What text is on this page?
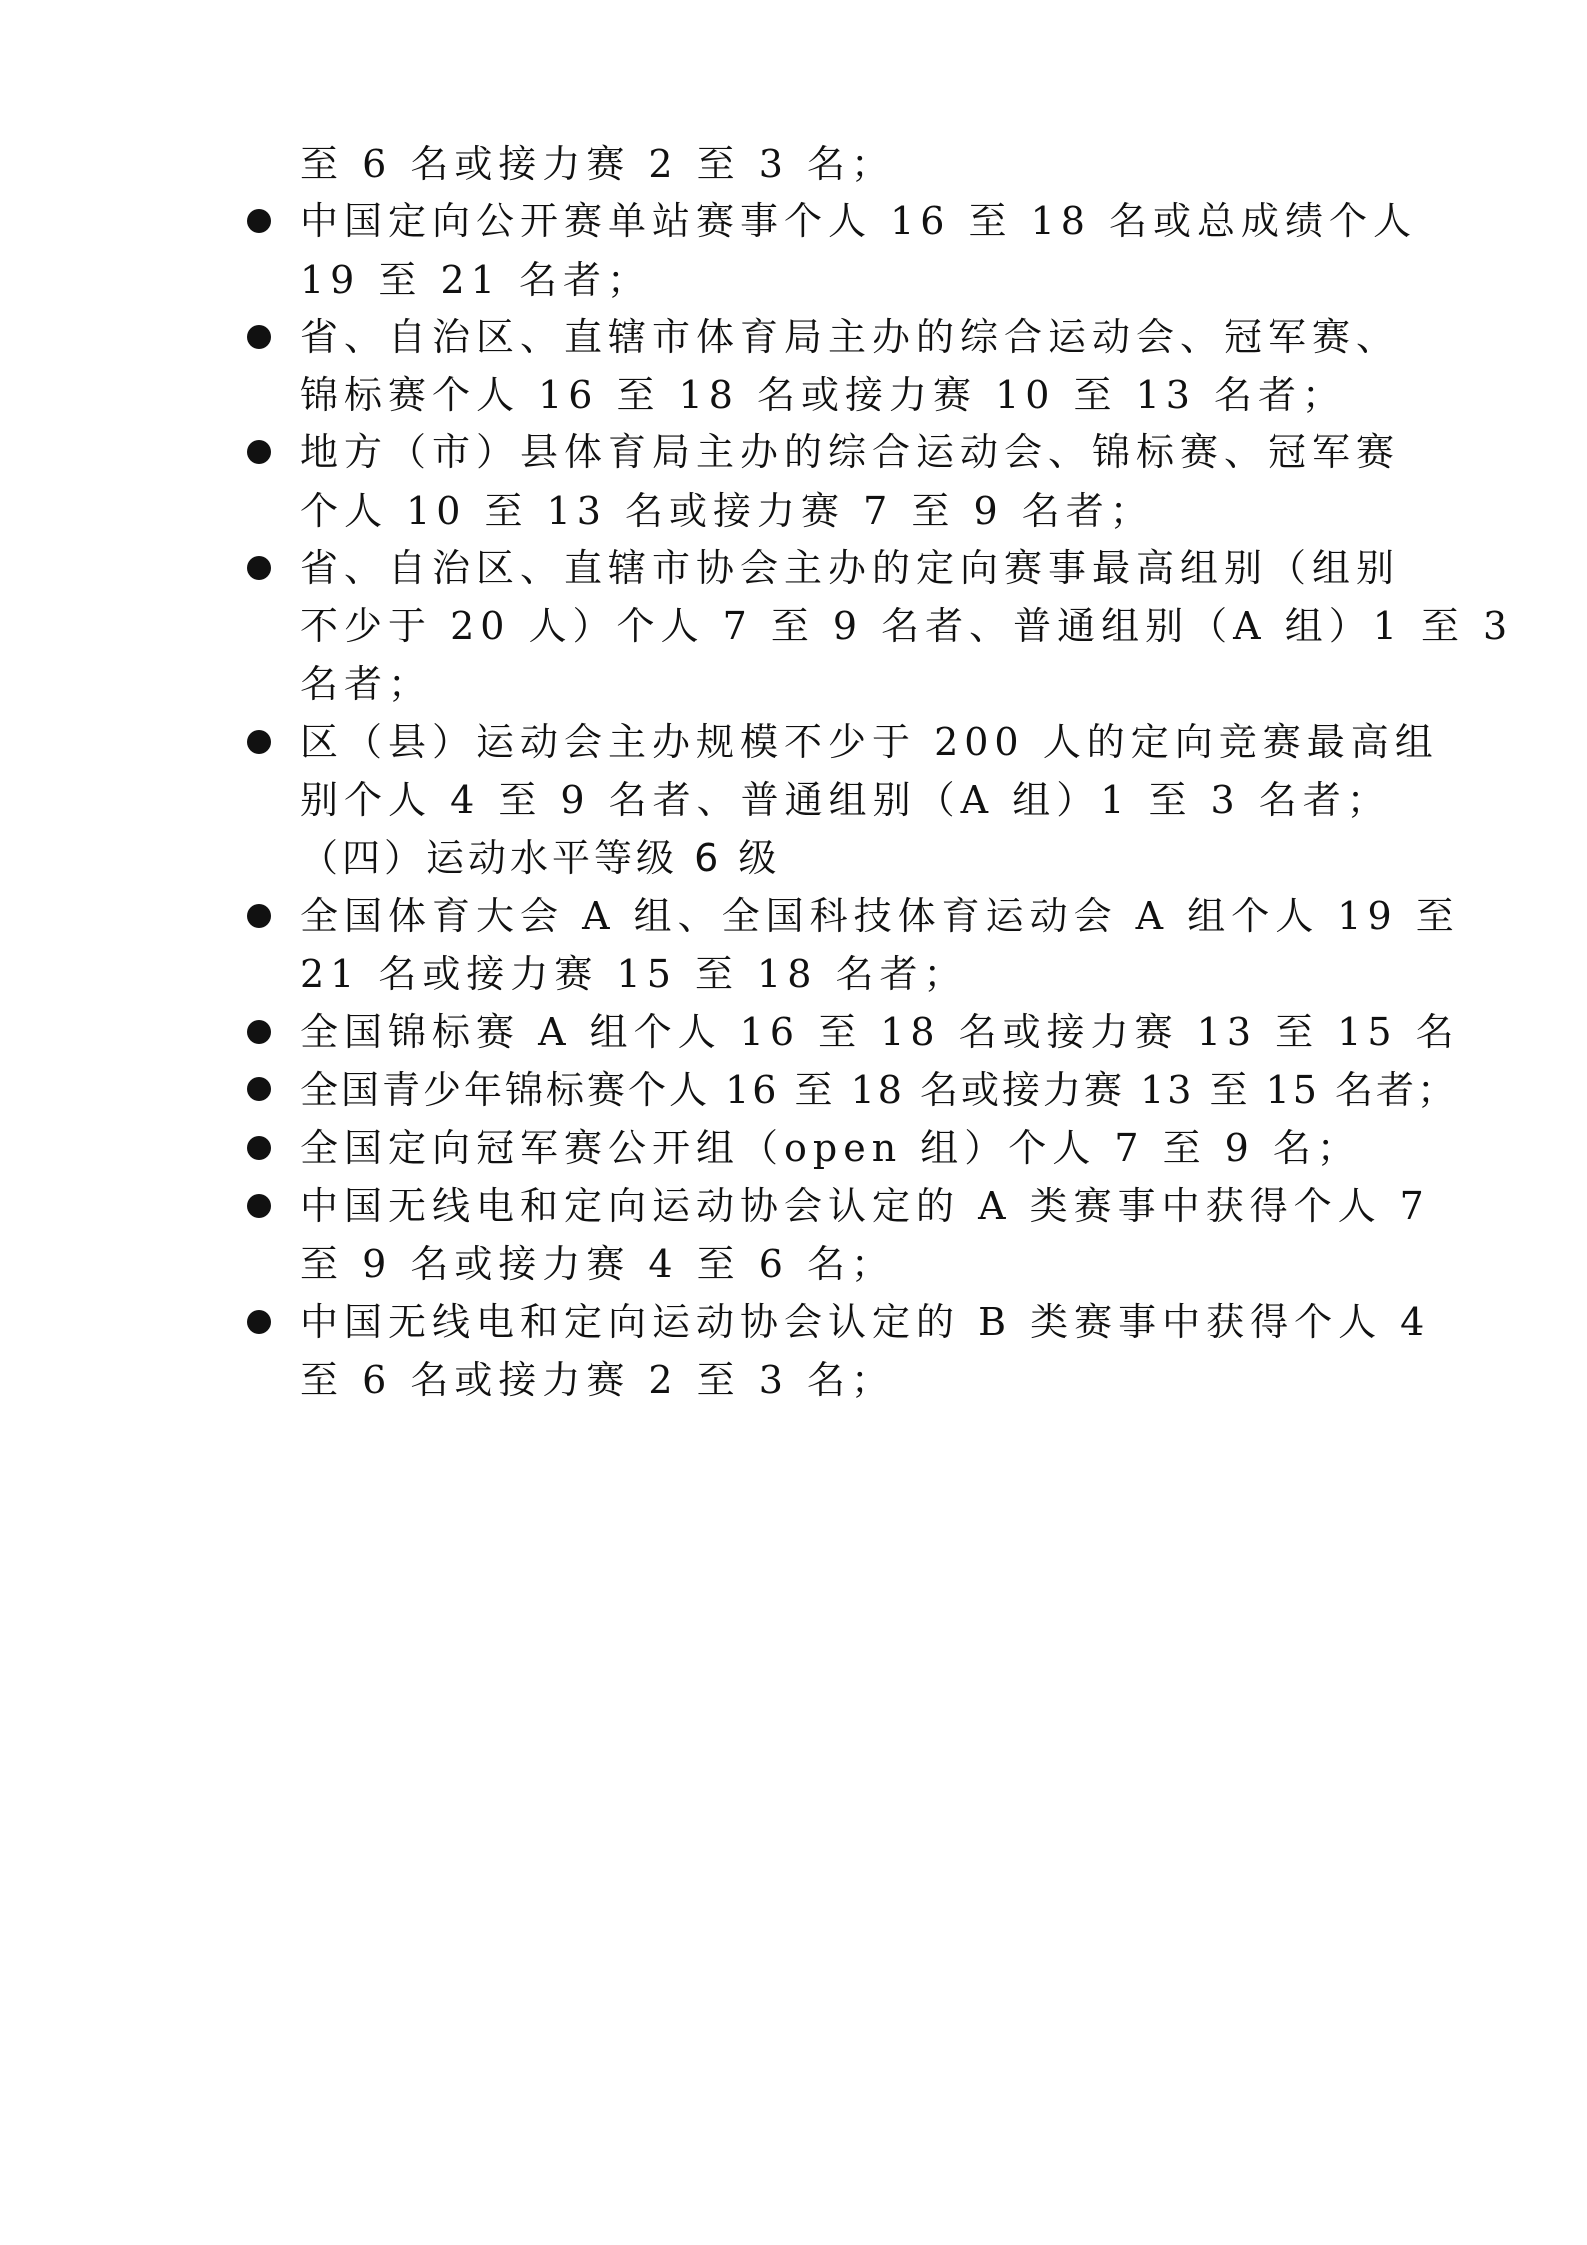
至 6 名或接力赛 2 至 3 名；
中国定向公开赛单站赛事个人 16 至 18 名或总成绩个人
19 至 21 名者；
省、自治区、直辖市体育局主办的综合运动会、冠军赛、
锦标赛个人 16 至 18 名或接力赛 10 至 13 名者；
地方（市）县体育局主办的综合运动会、锦标赛、冠军赛
个人 10 至 13 名或接力赛 7 至 9 名者；
省、自治区、直辖市协会主办的定向赛事最高组别（组别
不少于 20 人）个人 7 至 9 名者、普通组别（A 组）1 至 3
名者；
区（县）运动会主办规模不少于 200 人的定向竞赛最高组
别个人 4 至 9 名者、普通组别（A 组）1 至 3 名者；
（四）运动水平等级 6 级
全国体育大会 A 组、全国科技体育运动会 A 组个人 19 至
21 名或接力赛 15 至 18 名者；
全国锦标赛 A 组个人 16 至 18 名或接力赛 13 至 15 名
全国青少年锦标赛个人 16 至 18 名或接力赛 13 至 15 名者；
全国定向冠军赛公开组（open 组）个人 7 至 9 名；
中国无线电和定向运动协会认定的 A 类赛事中获得个人 7
至 9 名或接力赛 4 至 6 名；
中国无线电和定向运动协会认定的 B 类赛事中获得个人 4
至 6 名或接力赛 2 至 3 名；
